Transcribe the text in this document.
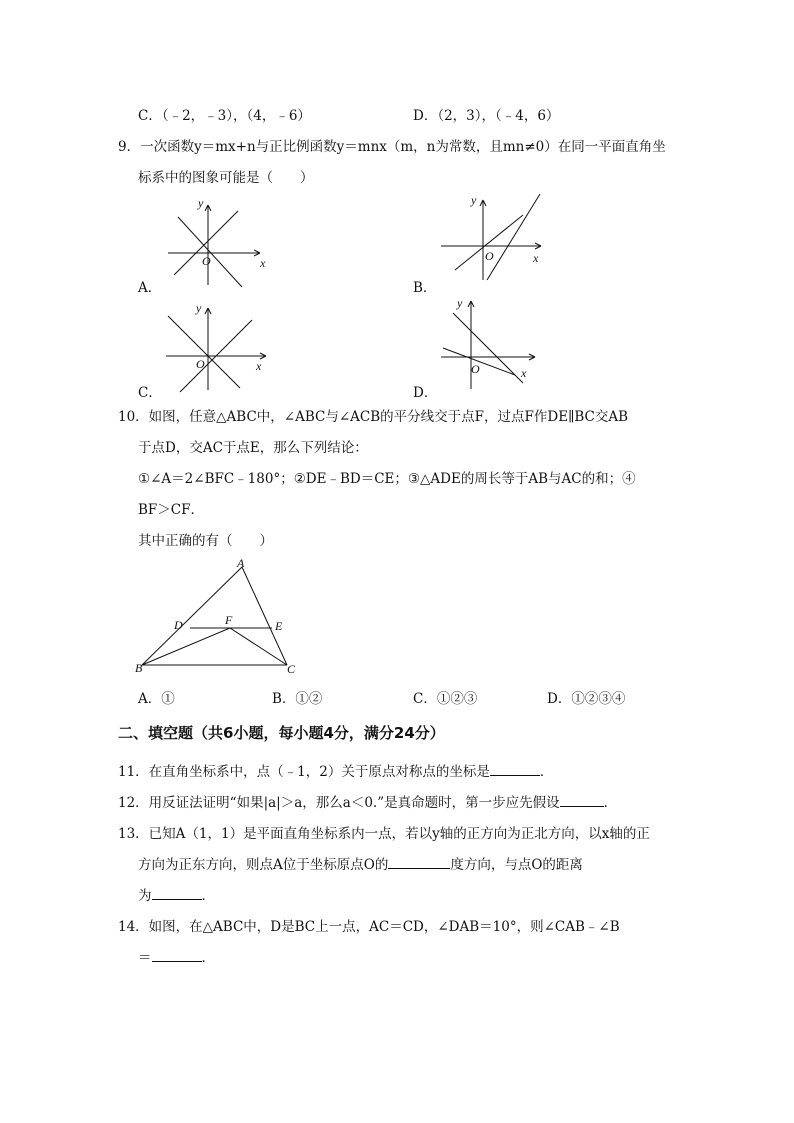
C．（﹣2，﹣3），（4，﹣6）	D．（2，3），（﹣4，6）
9．一次函数y＝mx+n与正比例函数y＝mnx（m，n为常数，且mn≠0）在同一平面直角坐
标系中的图象可能是（　　）
A．
O	x
y
B．
O	x
y
C．
O	x
y
D．
O	x
y
10．如图，任意△ABC中，∠ABC与∠ACB的平分线交于点F，过点F作DE∥BC交AB
于点D，交AC于点E，那么下列结论：
①∠A＝2∠BFC﹣180°；②DE﹣BD＝CE；③△ADE的周长等于AB与AC的和；④
BF＞CF．
其中正确的有（　　）
A
B	C
D	E
F
A．①	B．①②	C．①②③	D．①②③④
二、填空题（共6小题，每小题4分，满分24分）
11．在直角坐标系中，点（﹣1，2）关于原点对称点的坐标是	．
12．用反证法证明“如果|a|＞a，那么a＜0.”是真命题时，第一步应先假设	．
13．已知A（1，1）是平面直角坐标系内一点，若以y轴的正方向为正北方向，以x轴的正
方向为正东方向，则点A位于坐标原点O的	度方向，与点O的距离
为	．
14．如图，在△ABC中，D是BC上一点，AC＝CD，∠DAB＝10°，则∠CAB﹣∠B
＝	．
